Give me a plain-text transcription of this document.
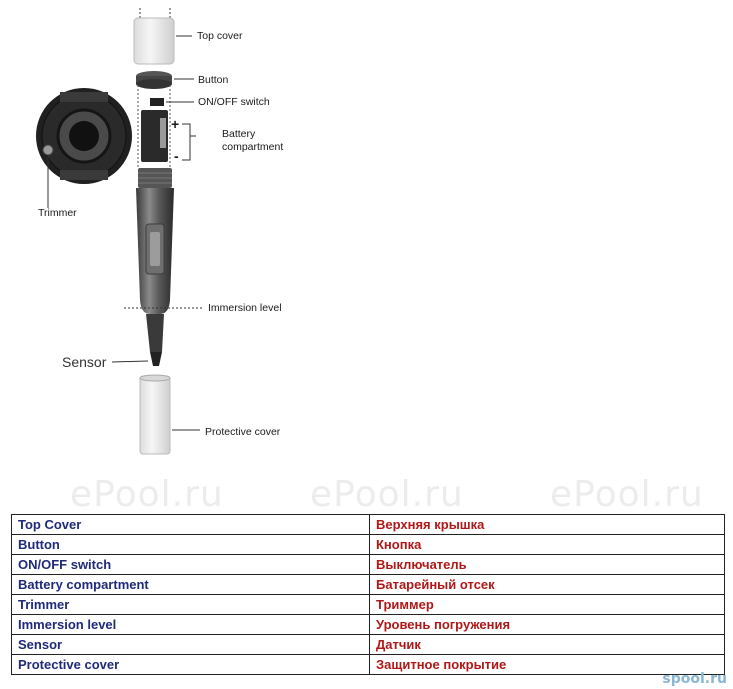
Top cover
Button
ON/OFF switch
+
-
Battery
compartment
Trimmer
Immersion level
Sensor
Protective cover
ePool.ru ePool.ru ePool.ru
Top Cover	Верхняя крышка
Button	Кнопка
ON/OFF switch	Выключатель
Battery compartment	Батарейный отсек
Trimmer	Триммер
Immersion level	Уровень погружения
Sensor	Датчик
Protective cover	Защитное покрытие
spool.ru
